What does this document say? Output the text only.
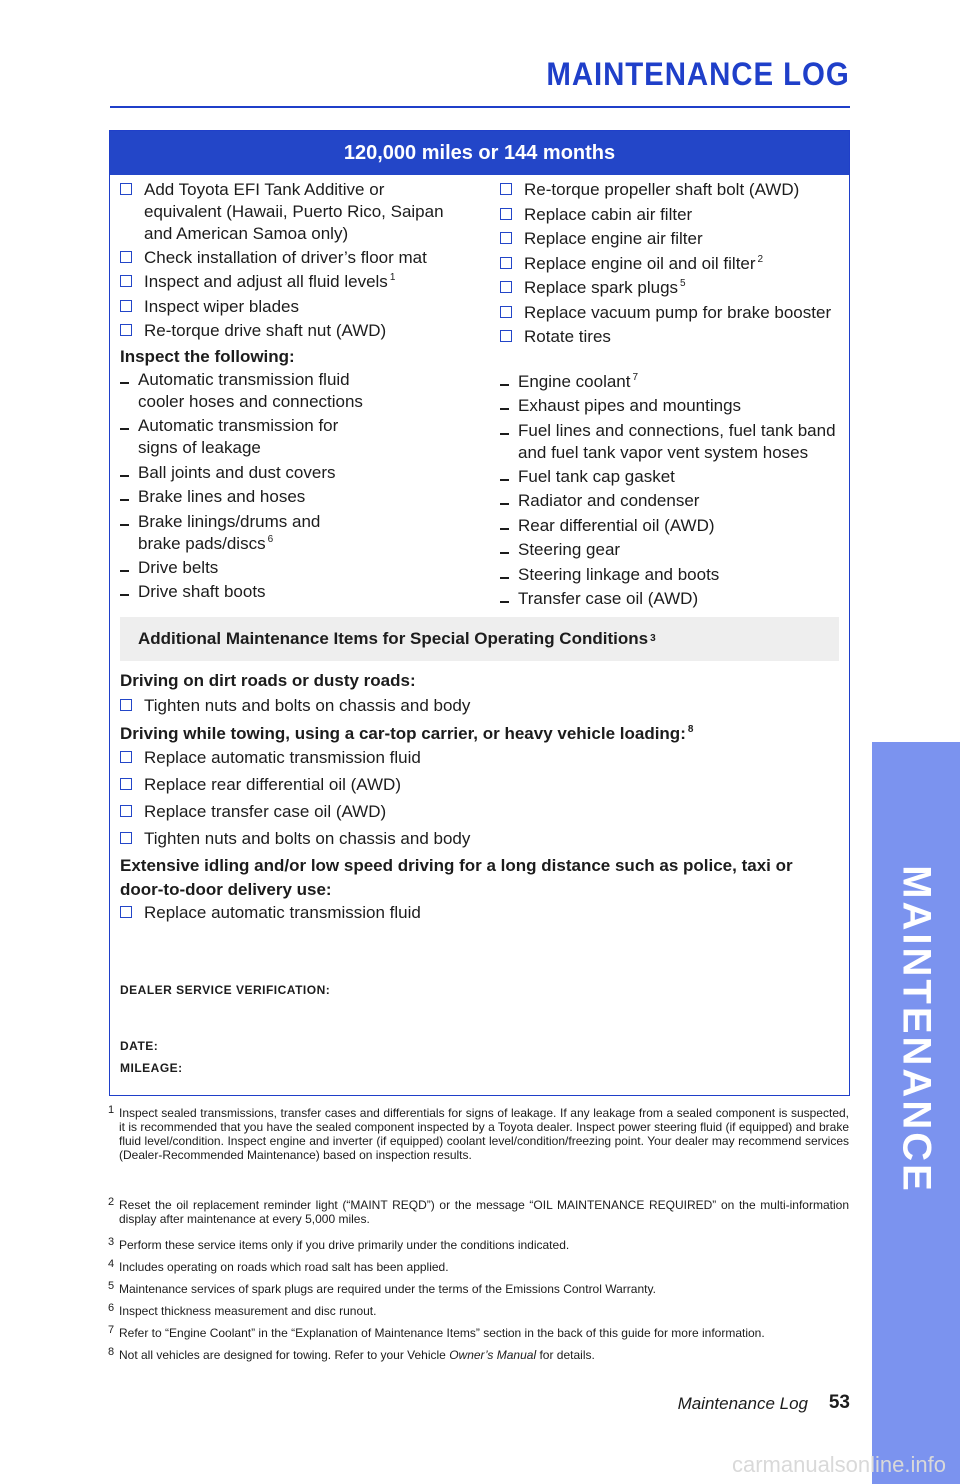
MAINTENANCE LOG
MAINTENANCE
120,000 miles or 144 months
Add Toyota EFI Tank Additive or equivalent (Hawaii, Puerto Rico, Saipan and American Samoa only)
Check installation of driver’s floor mat
Inspect and adjust all fluid levels $^1$
Inspect wiper blades
Re-torque drive shaft nut (AWD)
Inspect the following:
Automatic transmission fluid cooler hoses and connections
Automatic transmission for signs of leakage
Ball joints and dust covers
Brake lines and hoses
Brake linings/drums and brake pads/discs $^6$
Drive belts
Drive shaft boots
Re-torque propeller shaft bolt (AWD)
Replace cabin air filter
Replace engine air filter
Replace engine oil and oil filter $^2$
Replace spark plugs $^5$
Replace vacuum pump for brake booster
Rotate tires
Engine coolant $^7$
Exhaust pipes and mountings
Fuel lines and connections, fuel tank band and fuel tank vapor vent system hoses
Fuel tank cap gasket
Radiator and condenser
Rear differential oil (AWD)
Steering gear
Steering linkage and boots
Transfer case oil (AWD)
Additional Maintenance Items for Special Operating Conditions 3
Driving on dirt roads or dusty roads:
Tighten nuts and bolts on chassis and body
Driving while towing, using a car-top carrier, or heavy vehicle loading: $^8$
Replace automatic transmission fluid
Replace rear differential oil (AWD)
Replace transfer case oil (AWD)
Tighten nuts and bolts on chassis and body
Extensive idling and/or low speed driving for a long distance such as police, taxi or
door-to-door delivery use:
Replace automatic transmission fluid
DEALER SERVICE VERIFICATION:
DATE:
MILEAGE:
1 Inspect sealed transmissions, transfer cases and differentials for signs of leakage. If any leakage from a sealed component is suspected, it is recommended that you have the sealed component inspected by a Toyota dealer. Inspect power steering fluid (if equipped) and brake fluid level/condition. Inspect engine and inverter (if equipped) coolant level/condition/freezing point. Your dealer may recommend services (Dealer-Recommended Maintenance) based on inspection results.
2 Reset the oil replacement reminder light (“MAINT REQD”) or the message “OIL MAINTENANCE REQUIRED” on the multi-information display after maintenance at every 5,000 miles.
3 Perform these service items only if you drive primarily under the conditions indicated.
4 Includes operating on roads which road salt has been applied.
5 Maintenance services of spark plugs are required under the terms of the Emissions Control Warranty.
6 Inspect thickness measurement and disc runout.
7 Refer to “Engine Coolant” in the “Explanation of Maintenance Items” section in the back of this guide for more information.
8 Not all vehicles are designed for towing. Refer to your Vehicle Owner’s Manual for details.
Maintenance Log 53
carmanualsonline.info
